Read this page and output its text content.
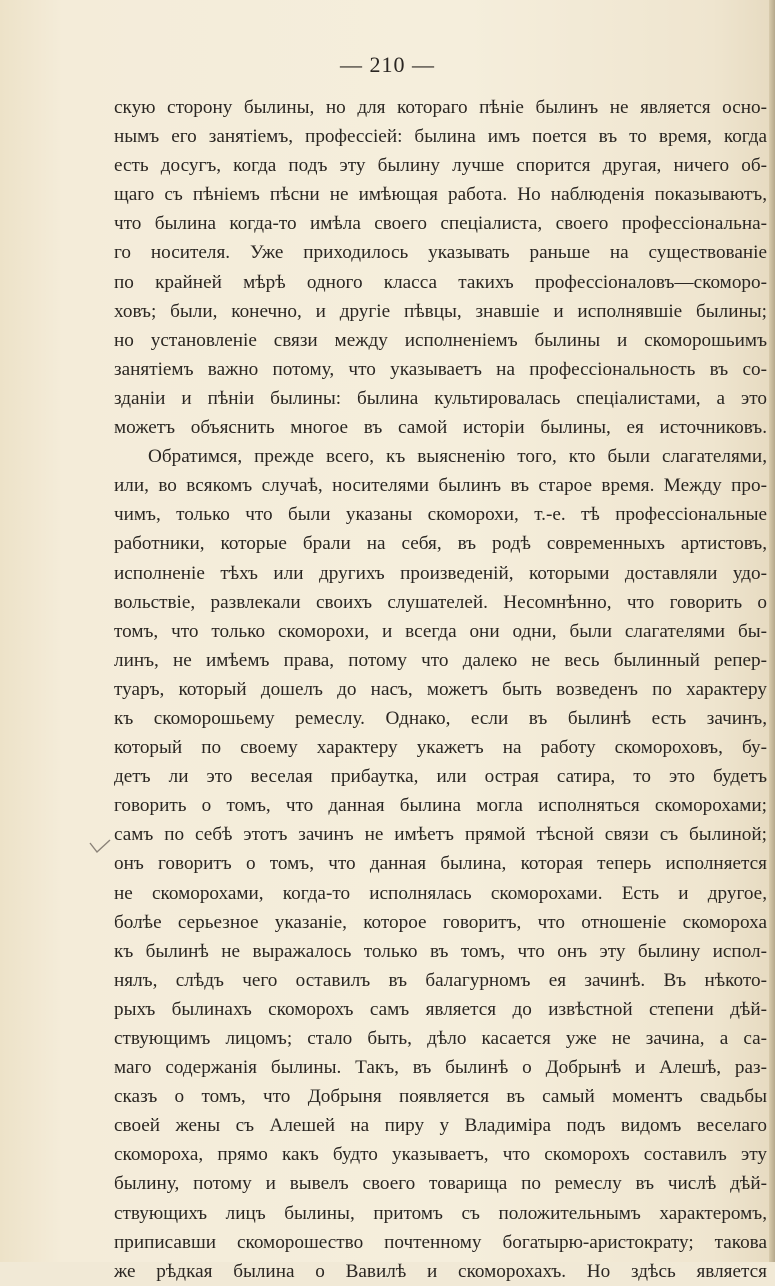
— 210 —
скую сторону былины, но для котораго пѣніе былинъ не является осно-
нымъ его занятіемъ, профессіей: былина имъ поется въ то время, когда
есть досугъ, когда подъ эту былину лучше спорится другая, ничего об-
щаго съ пѣніемъ пѣсни не имѣющая работа. Но наблюденія показываютъ,
что былина когда-то имѣла своего спеціалиста, своего профессіональна-
го носителя. Уже приходилось указывать раньше на существованіе
по крайней мѣрѣ одного класса такихъ профессіоналовъ—скоморо-
ховъ; были, конечно, и другіе пѣвцы, знавшіе и исполнявшіе былины;
но установленіе связи между исполненіемъ былины и скоморошьимъ
занятіемъ важно потому, что указываетъ на профессіональность въ со-
зданіи и пѣніи былины: былина культировалась спеціалистами, а это
можетъ объяснить многое въ самой исторіи былины, ея источниковъ.
Обратимся, прежде всего, къ выясненію того, кто были слагателями,
или, во всякомъ случаѣ, носителями былинъ въ старое время. Между про-
чимъ, только что были указаны скоморохи, т.-е. тѣ профессіональные
работники, которые брали на себя, въ родѣ современныхъ артистовъ,
исполненіе тѣхъ или другихъ произведеній, которыми доставляли удо-
вольствіе, развлекали своихъ слушателей. Несомнѣнно, что говорить о
томъ, что только скоморохи, и всегда они одни, были слагателями бы-
линъ, не имѣемъ права, потому что далеко не весь былинный репер-
туаръ, который дошелъ до насъ, можетъ быть возведенъ по характеру
къ скоморошьему ремеслу. Однако, если въ былинѣ есть зачинъ,
который по своему характеру укажетъ на работу скомороховъ, бу-
детъ ли это веселая прибаутка, или острая сатира, то это будетъ
говорить о томъ, что данная былина могла исполняться скоморохами;
самъ по себѣ этотъ зачинъ не имѣетъ прямой тѣсной связи съ былиной;
онъ говоритъ о томъ, что данная былина, которая теперь исполняется
не скоморохами, когда-то исполнялась скоморохами. Есть и другое,
болѣе серьезное указаніе, которое говоритъ, что отношеніе скомороха
къ былинѣ не выражалось только въ томъ, что онъ эту былину испол-
нялъ, слѣдъ чего оставилъ въ балагурномъ ея зачинѣ. Въ нѣкото-
рыхъ былинахъ скоморохъ самъ является до извѣстной степени дѣй-
ствующимъ лицомъ; стало быть, дѣло касается уже не зачина, а са-
маго содержанія былины. Такъ, въ былинѣ о Добрынѣ и Алешѣ, раз-
сказъ о томъ, что Добрыня появляется въ самый моментъ свадьбы
своей жены съ Алешей на пиру у Владиміра подъ видомъ веселаго
скомороха, прямо какъ будто указываетъ, что скоморохъ составилъ эту
былину, потому и вывелъ своего товарища по ремеслу въ числѣ дѣй-
ствующихъ лицъ былины, притомъ съ положительнымъ характеромъ,
приписавши скоморошество почтенному богатырю-аристократу; такова
же рѣдкая былина о Вавилѣ и скоморохахъ. Но здѣсь является
